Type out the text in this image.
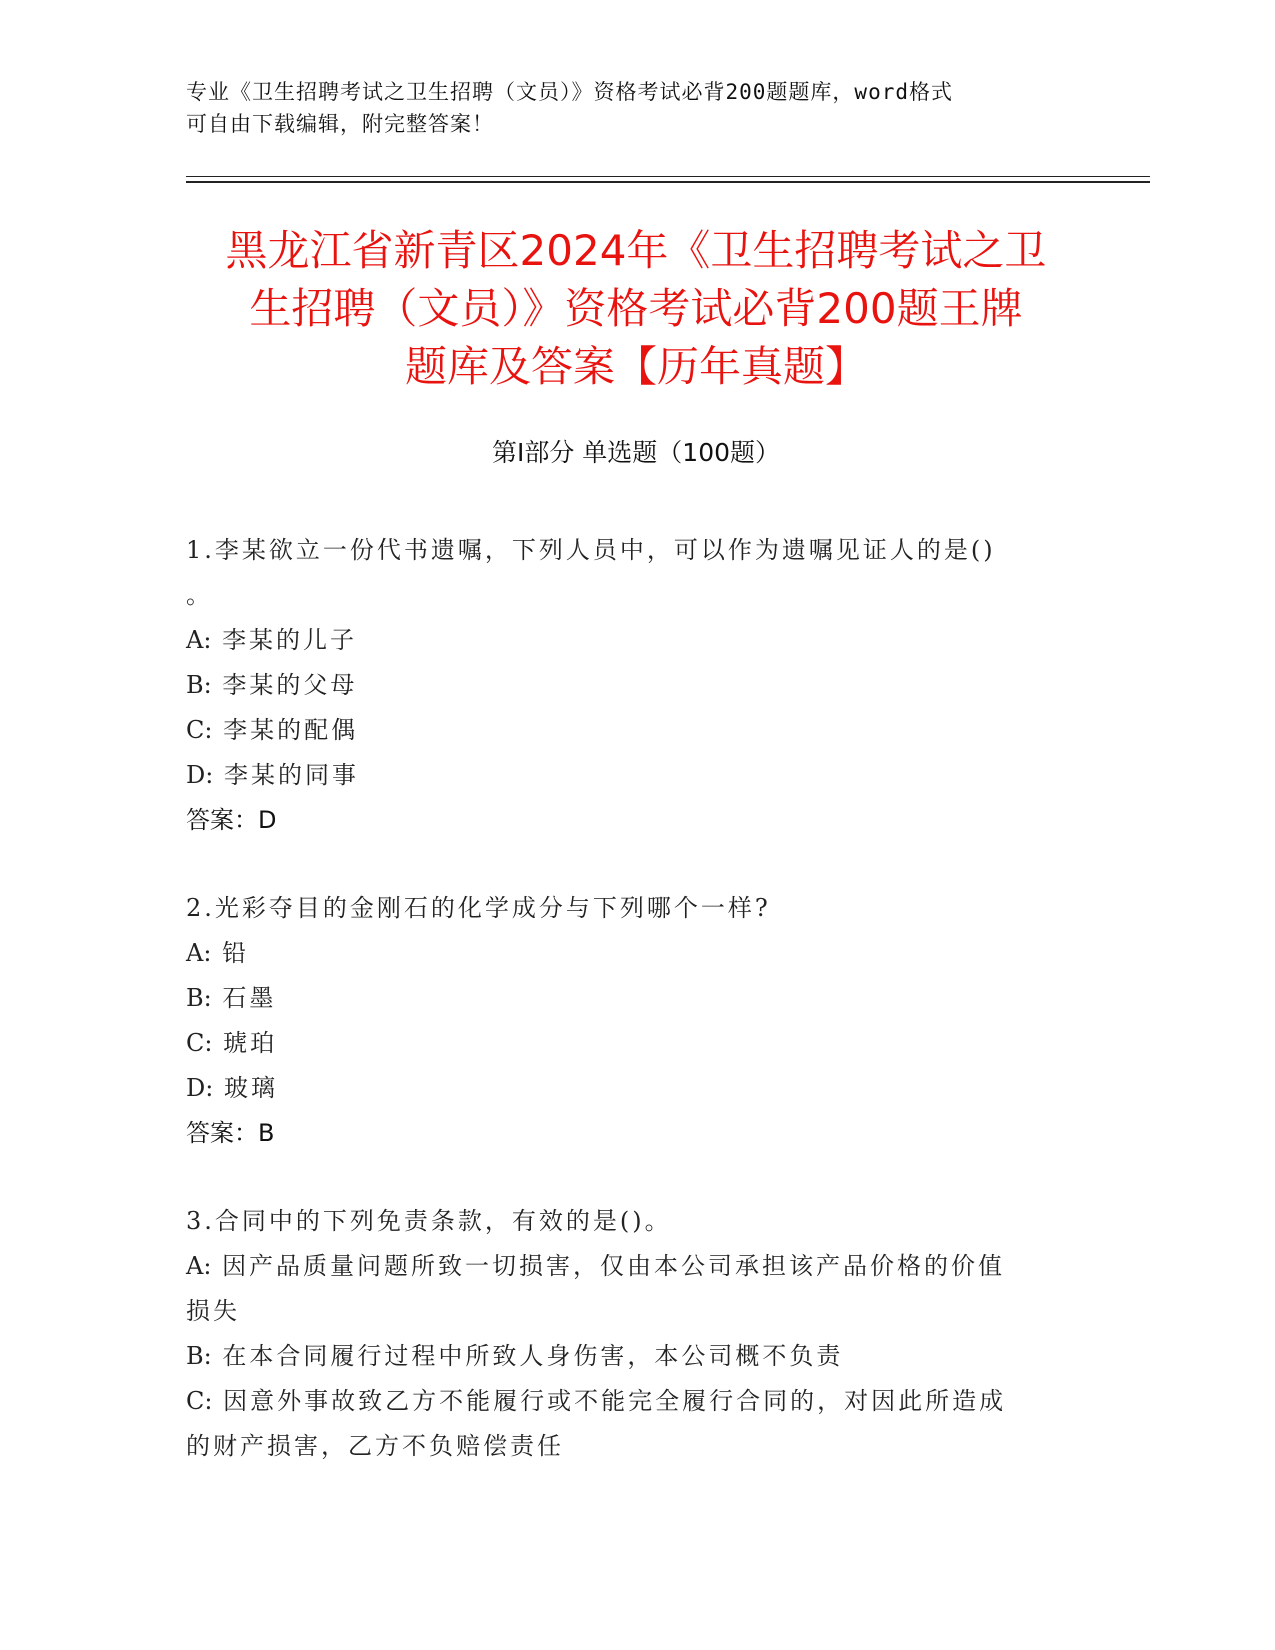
专业《卫生招聘考试之卫生招聘（文员）》资格考试必背200题题库，word格式
可自由下载编辑，附完整答案！
黑龙江省新青区2024年《卫生招聘考试之卫
生招聘（文员）》资格考试必背200题王牌
题库及答案【历年真题】
第I部分 单选题（100题）

1.李某欲立一份代书遗嘱，下列人员中，可以作为遗嘱见证人的是()

。

A: 李某的儿子

B: 李某的父母

C: 李某的配偶

D: 李某的同事

答案：D

2.光彩夺目的金刚石的化学成分与下列哪个一样?

A: 铅

B: 石墨

C: 琥珀

D: 玻璃

答案：B

3.合同中的下列免责条款，有效的是()。

A: 因产品质量问题所致一切损害，仅由本公司承担该产品价格的价值

损失

B: 在本合同履行过程中所致人身伤害，本公司概不负责

C: 因意外事故致乙方不能履行或不能完全履行合同的，对因此所造成

的财产损害，乙方不负赔偿责任
